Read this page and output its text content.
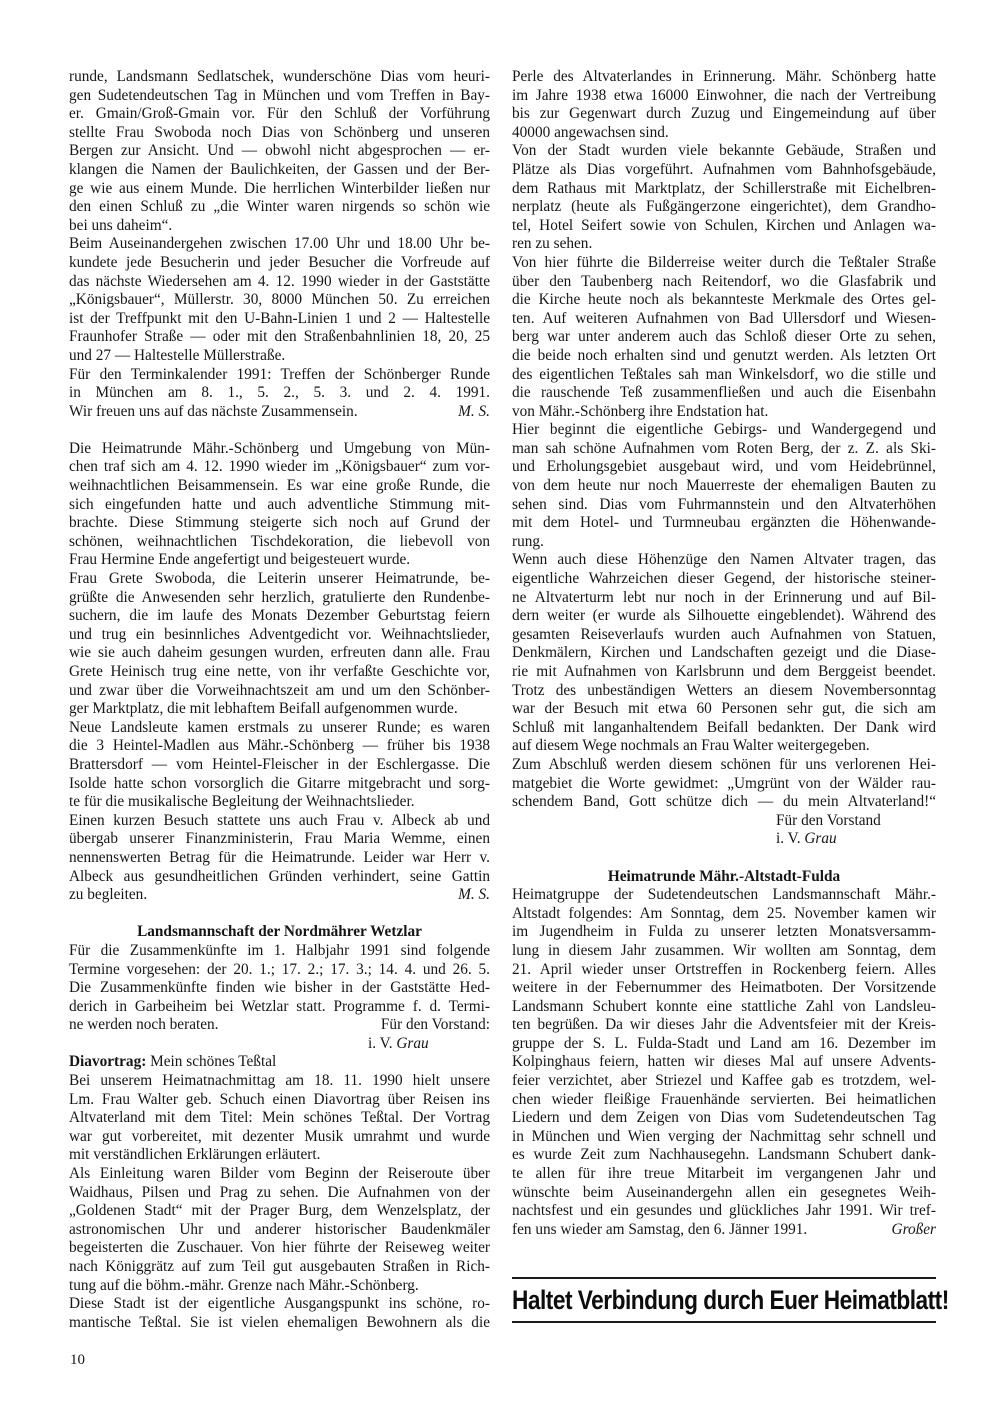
runde, Landsmann Sedlatschek, wunderschöne Dias vom heuri-
gen Sudetendeutschen Tag in München und vom Treffen in Bay-
er. Gmain/Groß-Gmain vor. Für den Schluß der Vorführung
stellte Frau Swoboda noch Dias von Schönberg und unseren
Bergen zur Ansicht. Und — obwohl nicht abgesprochen — er-
klangen die Namen der Baulichkeiten, der Gassen und der Ber-
ge wie aus einem Munde. Die herrlichen Winterbilder ließen nur
den einen Schluß zu „die Winter waren nirgends so schön wie
bei uns daheim“.
Beim Auseinandergehen zwischen 17.00 Uhr und 18.00 Uhr be-
kundete jede Besucherin und jeder Besucher die Vorfreude auf
das nächste Wiedersehen am 4. 12. 1990 wieder in der Gaststätte
„Königsbauer“, Müllerstr. 30, 8000 München 50. Zu erreichen
ist der Treffpunkt mit den U-Bahn-Linien 1 und 2 — Haltestelle
Fraunhofer Straße — oder mit den Straßenbahnlinien 18, 20, 25
und 27 — Haltestelle Müllerstraße.
Für den Terminkalender 1991: Treffen der Schönberger Runde
in München am 8. 1., 5. 2., 5. 3. und 2. 4. 1991.
Wir freuen uns auf das nächste Zusammensein.	M. S.
Die Heimatrunde Mähr.-Schönberg und Umgebung von Mün-
chen traf sich am 4. 12. 1990 wieder im „Königsbauer“ zum vor-
weihnachtlichen Beisammensein. Es war eine große Runde, die
sich eingefunden hatte und auch adventliche Stimmung mit-
brachte. Diese Stimmung steigerte sich noch auf Grund der
schönen, weihnachtlichen Tischdekoration, die liebevoll von
Frau Hermine Ende angefertigt und beigesteuert wurde.
Frau Grete Swoboda, die Leiterin unserer Heimatrunde, be-
grüßte die Anwesenden sehr herzlich, gratulierte den Rundenbe-
suchern, die im laufe des Monats Dezember Geburtstag feiern
und trug ein besinnliches Adventgedicht vor. Weihnachtslieder,
wie sie auch daheim gesungen wurden, erfreuten dann alle. Frau
Grete Heinisch trug eine nette, von ihr verfaßte Geschichte vor,
und zwar über die Vorweihnachtszeit am und um den Schönber-
ger Marktplatz, die mit lebhaftem Beifall aufgenommen wurde.
Neue Landsleute kamen erstmals zu unserer Runde; es waren
die 3 Heintel-Madlen aus Mähr.-Schönberg — früher bis 1938
Brattersdorf — vom Heintel-Fleischer in der Eschlergasse. Die
Isolde hatte schon vorsorglich die Gitarre mitgebracht und sorg-
te für die musikalische Begleitung der Weihnachtslieder.
Einen kurzen Besuch stattete uns auch Frau v. Albeck ab und
übergab unserer Finanzministerin, Frau Maria Wemme, einen
nennenswerten Betrag für die Heimatrunde. Leider war Herr v.
Albeck aus gesundheitlichen Gründen verhindert, seine Gattin
zu begleiten.	M. S.
Landsmannschaft der Nordmährer Wetzlar
Für die Zusammenkünfte im 1. Halbjahr 1991 sind folgende
Termine vorgesehen: der 20. 1.; 17. 2.; 17. 3.; 14. 4. und 26. 5.
Die Zusammenkünfte finden wie bisher in der Gaststätte Hed-
derich in Garbeiheim bei Wetzlar statt. Programme f. d. Termi-
ne werden noch beraten.	Für den Vorstand:
i. V. Grau
Diavortrag: Mein schönes Teßtal
Bei unserem Heimatnachmittag am 18. 11. 1990 hielt unsere
Lm. Frau Walter geb. Schuch einen Diavortrag über Reisen ins
Altvaterland mit dem Titel: Mein schönes Teßtal. Der Vortrag
war gut vorbereitet, mit dezenter Musik umrahmt und wurde
mit verständlichen Erklärungen erläutert.
Als Einleitung waren Bilder vom Beginn der Reiseroute über
Waidhaus, Pilsen und Prag zu sehen. Die Aufnahmen von der
„Goldenen Stadt“ mit der Prager Burg, dem Wenzelsplatz, der
astronomischen Uhr und anderer historischer Baudenkmäler
begeisterten die Zuschauer. Von hier führte der Reiseweg weiter
nach Königgrätz auf zum Teil gut ausgebauten Straßen in Rich-
tung auf die böhm.-mähr. Grenze nach Mähr.-Schönberg.
Diese Stadt ist der eigentliche Ausgangspunkt ins schöne, ro-
mantische Teßtal. Sie ist vielen ehemaligen Bewohnern als die
Perle des Altvaterlandes in Erinnerung. Mähr. Schönberg hatte
im Jahre 1938 etwa 16000 Einwohner, die nach der Vertreibung
bis zur Gegenwart durch Zuzug und Eingemeindung auf über
40000 angewachsen sind.
Von der Stadt wurden viele bekannte Gebäude, Straßen und
Plätze als Dias vorgeführt. Aufnahmen vom Bahnhofsgebäude,
dem Rathaus mit Marktplatz, der Schillerstraße mit Eichelbren-
nerplatz (heute als Fußgängerzone eingerichtet), dem Grandho-
tel, Hotel Seifert sowie von Schulen, Kirchen und Anlagen wa-
ren zu sehen.
Von hier führte die Bilderreise weiter durch die Teßtaler Straße
über den Taubenberg nach Reitendorf, wo die Glasfabrik und
die Kirche heute noch als bekannteste Merkmale des Ortes gel-
ten. Auf weiteren Aufnahmen von Bad Ullersdorf und Wiesen-
berg war unter anderem auch das Schloß dieser Orte zu sehen,
die beide noch erhalten sind und genutzt werden. Als letzten Ort
des eigentlichen Teßtales sah man Winkelsdorf, wo die stille und
die rauschende Teß zusammenfließen und auch die Eisenbahn
von Mähr.-Schönberg ihre Endstation hat.
Hier beginnt die eigentliche Gebirgs- und Wandergegend und
man sah schöne Aufnahmen vom Roten Berg, der z. Z. als Ski-
und Erholungsgebiet ausgebaut wird, und vom Heidebrünnel,
von dem heute nur noch Mauerreste der ehemaligen Bauten zu
sehen sind. Dias vom Fuhrmannstein und den Altvaterhöhen
mit dem Hotel- und Turmneubau ergänzten die Höhenwande-
rung.
Wenn auch diese Höhenzüge den Namen Altvater tragen, das
eigentliche Wahrzeichen dieser Gegend, der historische steiner-
ne Altvaterturm lebt nur noch in der Erinnerung und auf Bil-
dern weiter (er wurde als Silhouette eingeblendet). Während des
gesamten Reiseverlaufs wurden auch Aufnahmen von Statuen,
Denkmälern, Kirchen und Landschaften gezeigt und die Diase-
rie mit Aufnahmen von Karlsbrunn und dem Berggeist beendet.
Trotz des unbeständigen Wetters an diesem Novembersonntag
war der Besuch mit etwa 60 Personen sehr gut, die sich am
Schluß mit langanhaltendem Beifall bedankten. Der Dank wird
auf diesem Wege nochmals an Frau Walter weitergegeben.
Zum Abschluß werden diesem schönen für uns verlorenen Hei-
matgebiet die Worte gewidmet: „Umgrünt von der Wälder rau-
schendem Band, Gott schütze dich — du mein Altvaterland!“
Für den Vorstand
i. V. Grau
Heimatrunde Mähr.-Altstadt-Fulda
Heimatgruppe der Sudetendeutschen Landsmannschaft Mähr.-
Altstadt folgendes: Am Sonntag, dem 25. November kamen wir
im Jugendheim in Fulda zu unserer letzten Monatsversamm-
lung in diesem Jahr zusammen. Wir wollten am Sonntag, dem
21. April wieder unser Ortstreffen in Rockenberg feiern. Alles
weitere in der Febernummer des Heimatboten. Der Vorsitzende
Landsmann Schubert konnte eine stattliche Zahl von Landsleu-
ten begrüßen. Da wir dieses Jahr die Adventsfeier mit der Kreis-
gruppe der S. L. Fulda-Stadt und Land am 16. Dezember im
Kolpinghaus feiern, hatten wir dieses Mal auf unsere Advents-
feier verzichtet, aber Striezel und Kaffee gab es trotzdem, wel-
chen wieder fleißige Frauenhände servierten. Bei heimatlichen
Liedern und dem Zeigen von Dias vom Sudetendeutschen Tag
in München und Wien verging der Nachmittag sehr schnell und
es wurde Zeit zum Nachhausegehn. Landsmann Schubert dank-
te allen für ihre treue Mitarbeit im vergangenen Jahr und
wünschte beim Auseinandergehn allen ein gesegnetes Weih-
nachtsfest und ein gesundes und glückliches Jahr 1991. Wir tref-
fen uns wieder am Samstag, den 6. Jänner 1991.	Großer
Haltet Verbindung durch Euer Heimatblatt!
10
